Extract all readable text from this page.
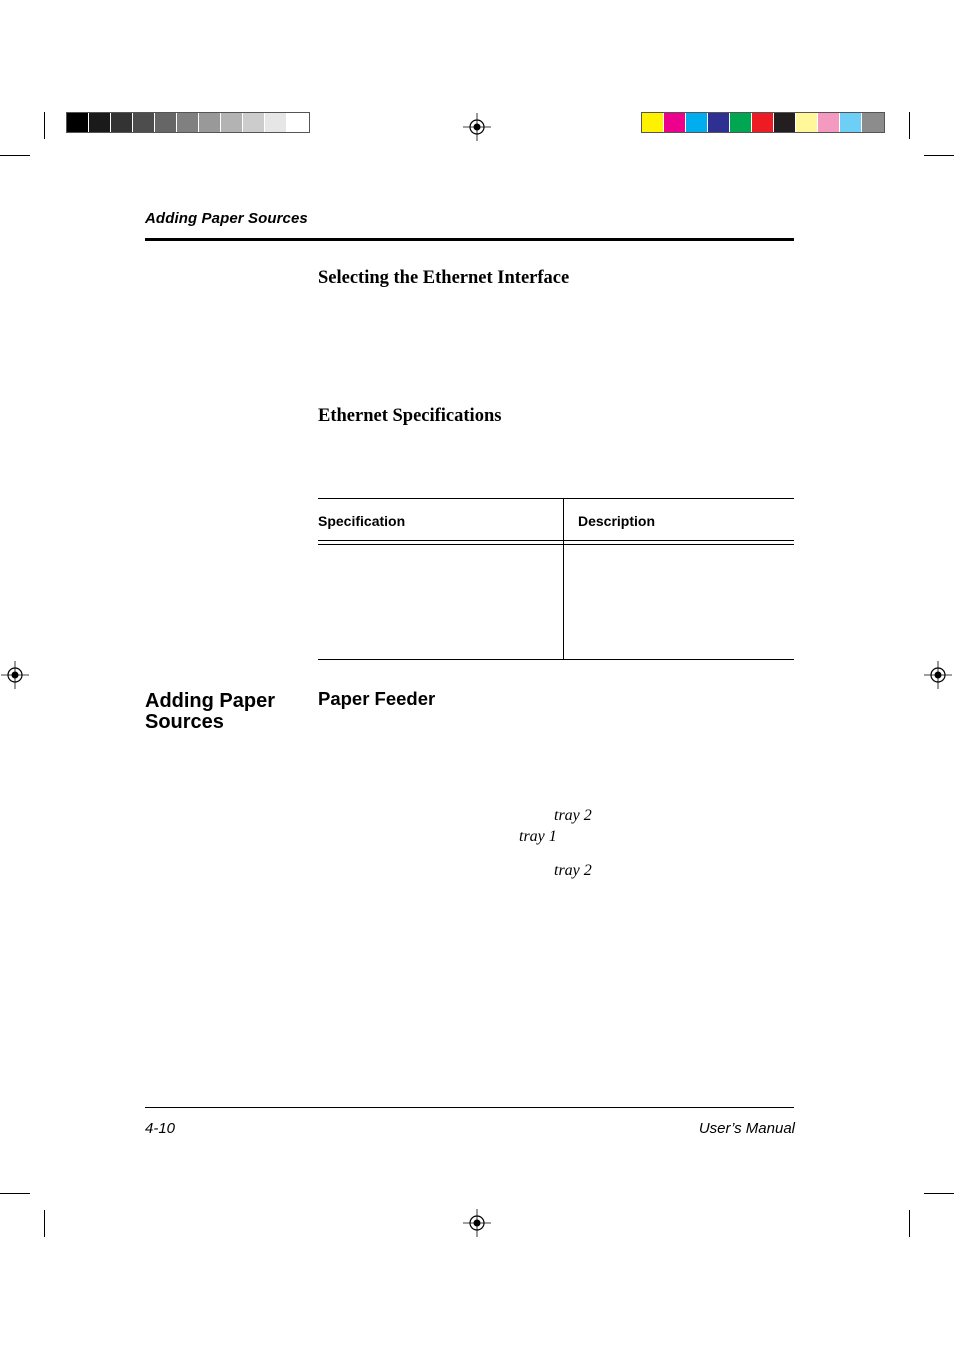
Adding Paper Sources
Selecting the Ethernet Interface
Ethernet Specifications
Specification	Description
Adding Paper Sources
Paper Feeder
tray 2
tray 1
tray 2
4-10	User’s Manual
